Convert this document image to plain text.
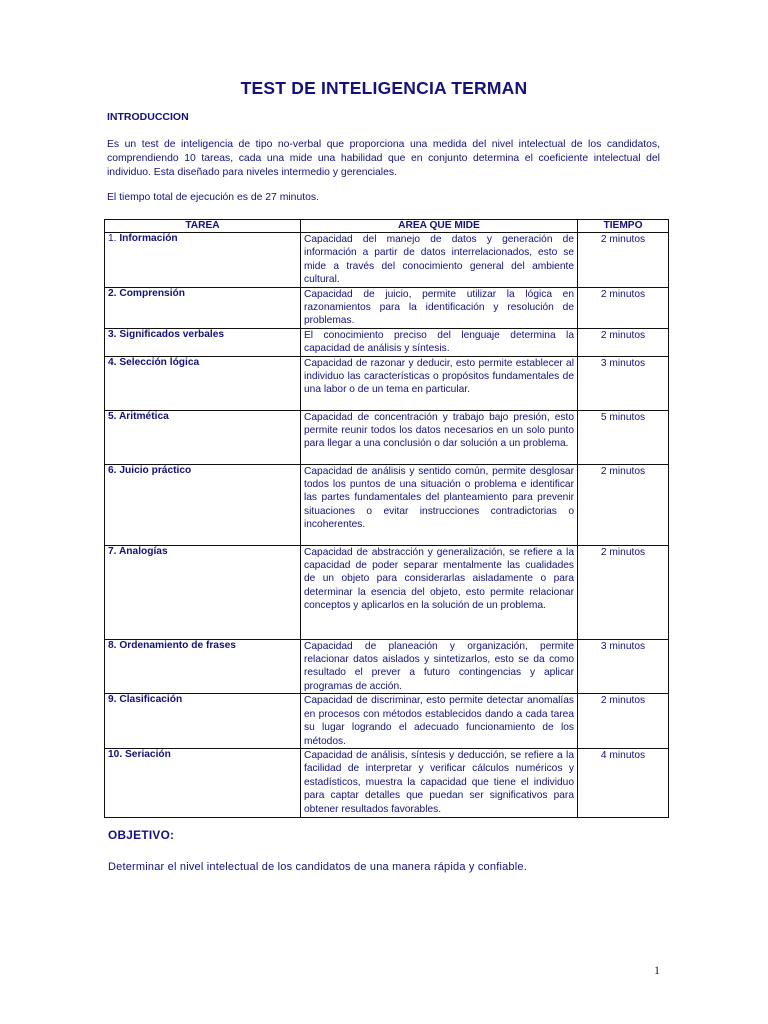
TEST DE INTELIGENCIA TERMAN

INTRODUCCION

Es un test de inteligencia de tipo no-verbal que proporciona una medida del nivel intelectual de los candidatos, comprendiendo 10 tareas, cada una mide una habilidad que en conjunto determina el coeficiente intelectual del individuo. Esta diseñado para niveles intermedio y gerenciales.

El tiempo total de ejecución es de 27 minutos.

TAREA	AREA QUE MIDE	TIEMPO
1. Información	Capacidad del manejo de datos y generación de información a partir de datos interrelacionados, esto se mide a través del conocimiento general del ambiente cultural.	2 minutos
2. Comprensión	Capacidad de juicio, permite utilizar la lógica en razonamientos para la identificación y resolución de problemas.	2 minutos
3. Significados verbales	El conocimiento preciso del lenguaje determina la capacidad de análisis y síntesis.	2 minutos
4. Selección lógica	Capacidad de razonar y deducir, esto permite establecer al individuo las características o propósitos fundamentales de una labor o de un tema en particular.	3 minutos
5. Aritmética	Capacidad de concentración y trabajo bajo presión, esto permite reunir todos los datos necesarios en un solo punto para llegar a una conclusión o dar solución a un problema.	5 minutos
6. Juicio práctico	Capacidad de análisis y sentido común, permite desglosar todos los puntos de una situación o problema e identificar las partes fundamentales del planteamiento para prevenir situaciones o evitar instrucciones contradictorias o incoherentes.	2 minutos
7. Analogías	Capacidad de abstracción y generalización, se refiere a la capacidad de poder separar mentalmente las cualidades de un objeto para considerarlas aisladamente o para determinar la esencia del objeto, esto permite relacionar conceptos y aplicarlos en la solución de un problema.	2 minutos
8. Ordenamiento de frases	Capacidad de planeación y organización, permite relacionar datos aislados y sintetizarlos, esto se da como resultado el prever a futuro contingencias y aplicar programas de acción.	3 minutos
9. Clasificación	Capacidad de discriminar, esto permite detectar anomalías en procesos con métodos establecidos dando a cada tarea su lugar logrando el adecuado funcionamiento de los métodos.	2 minutos
10. Seriación	Capacidad de análisis, síntesis y deducción, se refiere a la facilidad de interpretar y verificar cálculos numéricos y estadísticos, muestra la capacidad que tiene el individuo para captar detalles que puedan ser significativos para obtener resultados favorables.	4 minutos

OBJETIVO:

Determinar el nivel intelectual de los candidatos de una manera rápida y confiable.

1
